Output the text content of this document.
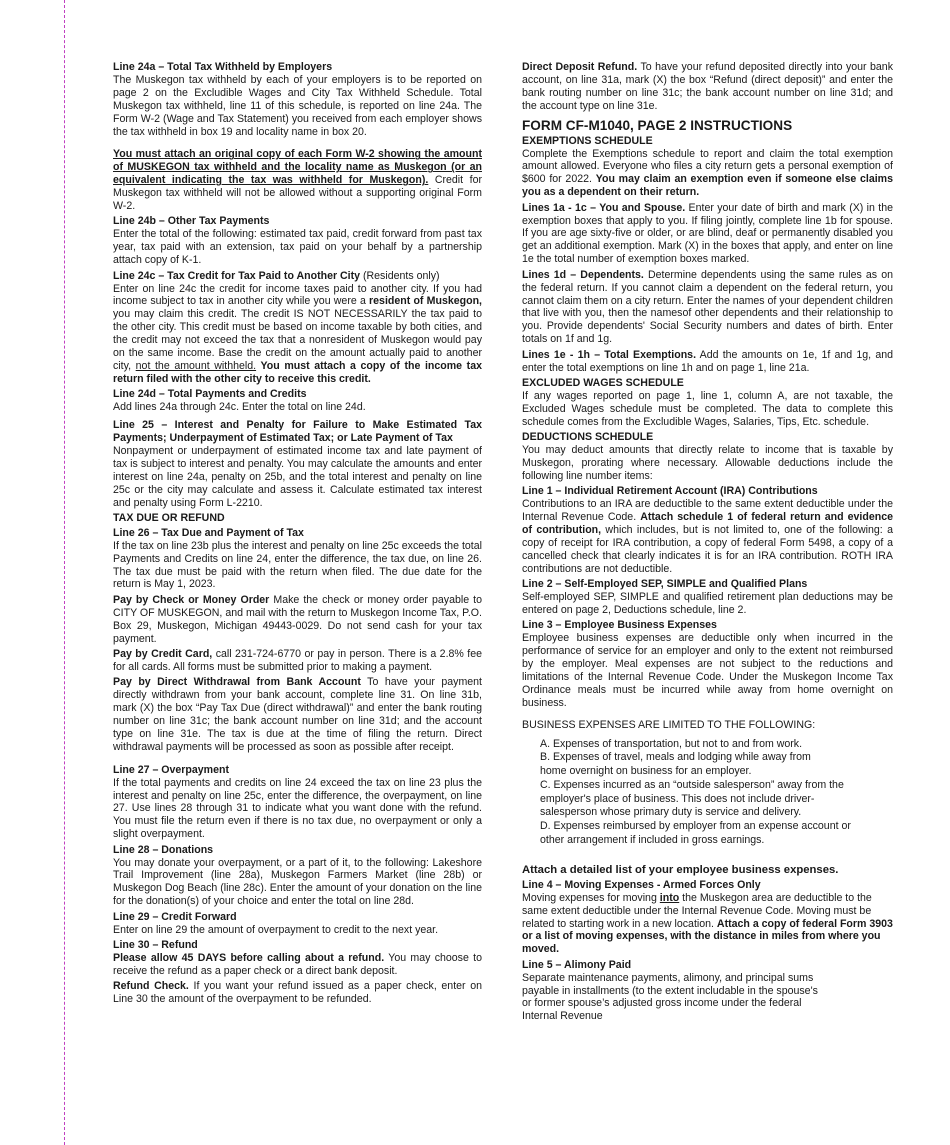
Line 24a – Total Tax Withheld by Employers

The Muskegon tax withheld by each of your employers is to be reported on page 2 on the Excludible Wages and City Tax Withheld Schedule. Total Muskegon tax withheld, line 11 of this schedule, is reported on line 24a. The Form W-2 (Wage and Tax Statement) you received from each employer shows the tax withheld in box 19 and locality name in box 20.

You must attach an original copy of each Form W-2 showing the amount of MUSKEGON tax withheld and the locality name as Muskegon (or an equivalent indicating the tax was withheld for Muskegon). Credit for Muskegon tax withheld will not be allowed without a supporting original Form W-2.

Line 24b – Other Tax Payments

Enter the total of the following: estimated tax paid, credit forward from past tax year, tax paid with an extension, tax paid on your behalf by a partnership attach copy of K-1.

Line 24c – Tax Credit for Tax Paid to Another City (Residents only)

Enter on line 24c the credit for income taxes paid to another city. If you had income subject to tax in another city while you were a resident of Muskegon, you may claim this credit. The credit IS NOT NECESSARILY the tax paid to the other city. This credit must be based on income taxable by both cities, and the credit may not exceed the tax that a nonresident of Muskegon would pay on the same income. Base the credit on the amount actually paid to another city, not the amount withheld. You must attach a copy of the income tax return filed with the other city to receive this credit.

Line 24d – Total Payments and Credits

Add lines 24a through 24c. Enter the total on line 24d.

Line 25 – Interest and Penalty for Failure to Make Estimated Tax Payments; Underpayment of Estimated Tax; or Late Payment of Tax

Nonpayment or underpayment of estimated income tax and late payment of tax is subject to interest and penalty. You may calculate the amounts and enter interest on line 24a, penalty on 25b, and the total interest and penalty on line 25c or the city may calculate and assess it. Calculate estimated tax interest and penalty using Form L-2210.

TAX DUE OR REFUND
Line 26 – Tax Due and Payment of Tax

If the tax on line 23b plus the interest and penalty on line 25c exceeds the total Payments and Credits on line 24, enter the difference, the tax due, on line 26. The tax due must be paid with the return when filed. The due date for the return is May 1, 2023.

Pay by Check or Money Order Make the check or money order payable to CITY OF MUSKEGON, and mail with the return to Muskegon Income Tax, P.O. Box 29, Muskegon, Michigan 49443-0029. Do not send cash for your tax payment.

Pay by Credit Card, call 231-724-6770 or pay in person. There is a 2.8% fee for all cards. All forms must be submitted prior to making a payment.

Pay by Direct Withdrawal from Bank Account To have your payment directly withdrawn from your bank account, complete line 31. On line 31b, mark (X) the box “Pay Tax Due (direct withdrawal)” and enter the bank routing number on line 31c; the bank account number on line 31d; and the account type on line 31e. The tax is due at the time of filing the return. Direct withdrawal payments will be processed as soon as possible after receipt.

Line 27 – Overpayment

If the total payments and credits on line 24 exceed the tax on line 23 plus the interest and penalty on line 25c, enter the difference, the overpayment, on line 27. Use lines 28 through 31 to indicate what you want done with the refund. You must file the return even if there is no tax due, no overpayment or only a slight overpayment.

Line 28 – Donations

You may donate your overpayment, or a part of it, to the following: Lakeshore Trail Improvement (line 28a), Muskegon Farmers Market (line 28b) or Muskegon Dog Beach (line 28c). Enter the amount of your donation on the line for the donation(s) of your choice and enter the total on line 28d.

Line 29 – Credit Forward

Enter on line 29 the amount of overpayment to credit to the next year.

Line 30 – Refund

Please allow 45 DAYS before calling about a refund. You may choose to receive the refund as a paper check or a direct bank deposit.

Refund Check. If you want your refund issued as a paper check, enter on Line 30 the amount of the overpayment to be refunded.

Direct Deposit Refund. To have your refund deposited directly into your bank account, on line 31a, mark (X) the box “Refund (direct deposit)” and enter the bank routing number on line 31c; the bank account number on line 31d; and the account type on line 31e.

FORM CF-M1040, PAGE 2 INSTRUCTIONS
EXEMPTIONS SCHEDULE

Complete the Exemptions schedule to report and claim the total exemption amount allowed. Everyone who files a city return gets a personal exemption of $600 for 2022. You may claim an exemption even if someone else claims you as a dependent on their return.

Lines 1a - 1c – You and Spouse. Enter your date of birth and mark (X) in the exemption boxes that apply to you. If filing jointly, complete line 1b for spouse. If you are age sixty-five or older, or are blind, deaf or permanently disabled you get an additional exemption. Mark (X) in the boxes that apply, and enter on line 1e the total number of exemption boxes marked.

Lines 1d – Dependents. Determine dependents using the same rules as on the federal return. If you cannot claim a dependent on the federal return, you cannot claim them on a city return. Enter the names of your dependent children that live with you, then the namesof other dependents and their relationship to you. Provide dependents' Social Security numbers and dates of birth. Enter totals on 1f and 1g.

Lines 1e - 1h – Total Exemptions. Add the amounts on 1e, 1f and 1g, and enter the total exemptions on line 1h and on page 1, line 21a.

EXCLUDED WAGES SCHEDULE

If any wages reported on page 1, line 1, column A, are not taxable, the Excluded Wages schedule must be completed. The data to complete this schedule comes from the Excludible Wages, Salaries, Tips, Etc. schedule.

DEDUCTIONS SCHEDULE

You may deduct amounts that directly relate to income that is taxable by Muskegon, prorating where necessary. Allowable deductions include the following line number items:

Line 1 – Individual Retirement Account (IRA) Contributions

Contributions to an IRA are deductible to the same extent deductible under the Internal Revenue Code. Attach schedule 1 of federal return and evidence of contribution, which includes, but is not limited to, one of the following: a copy of receipt for IRA contribution, a copy of federal Form 5498, a copy of a cancelled check that clearly indicates it is for an IRA contribution. ROTH IRA contributions are not deductible.

Line 2 – Self-Employed SEP, SIMPLE and Qualified Plans

Self-employed SEP, SIMPLE and qualified retirement plan deductions may be entered on page 2, Deductions schedule, line 2.

Line 3 – Employee Business Expenses

Employee business expenses are deductible only when incurred in the performance of service for an employer and only to the extent not reimbursed by the employer. Meal expenses are not subject to the reductions and limitations of the Internal Revenue Code. Under the Muskegon Income Tax Ordinance meals must be incurred while away from home overnight on business.

BUSINESS EXPENSES ARE LIMITED TO THE FOLLOWING:
A. Expenses of transportation, but not to and from work.
B. Expenses of travel, meals and lodging while away from
home overnight on business for an employer.
C. Expenses incurred as an “outside salesperson” away from the
employer's place of business. This does not include driver-
salesperson whose primary duty is service and delivery.
D. Expenses reimbursed by employer from an expense account or
other arrangement if included in gross earnings.
Attach a detailed list of your employee business expenses.
Line 4 – Moving Expenses - Armed Forces Only

Moving expenses for moving into the Muskegon area are deductible to the same extent deductible under the Internal Revenue Code. Moving must be related to starting work in a new location. Attach a copy of federal Form 3903 or a list of moving expenses, with the distance in miles from where you moved.

Line 5 – Alimony Paid
Separate maintenance payments, alimony, and principal sums
payable in installments (to the extent includable in the spouse's
or former spouse’s adjusted gross income under the federal
Internal Revenue
